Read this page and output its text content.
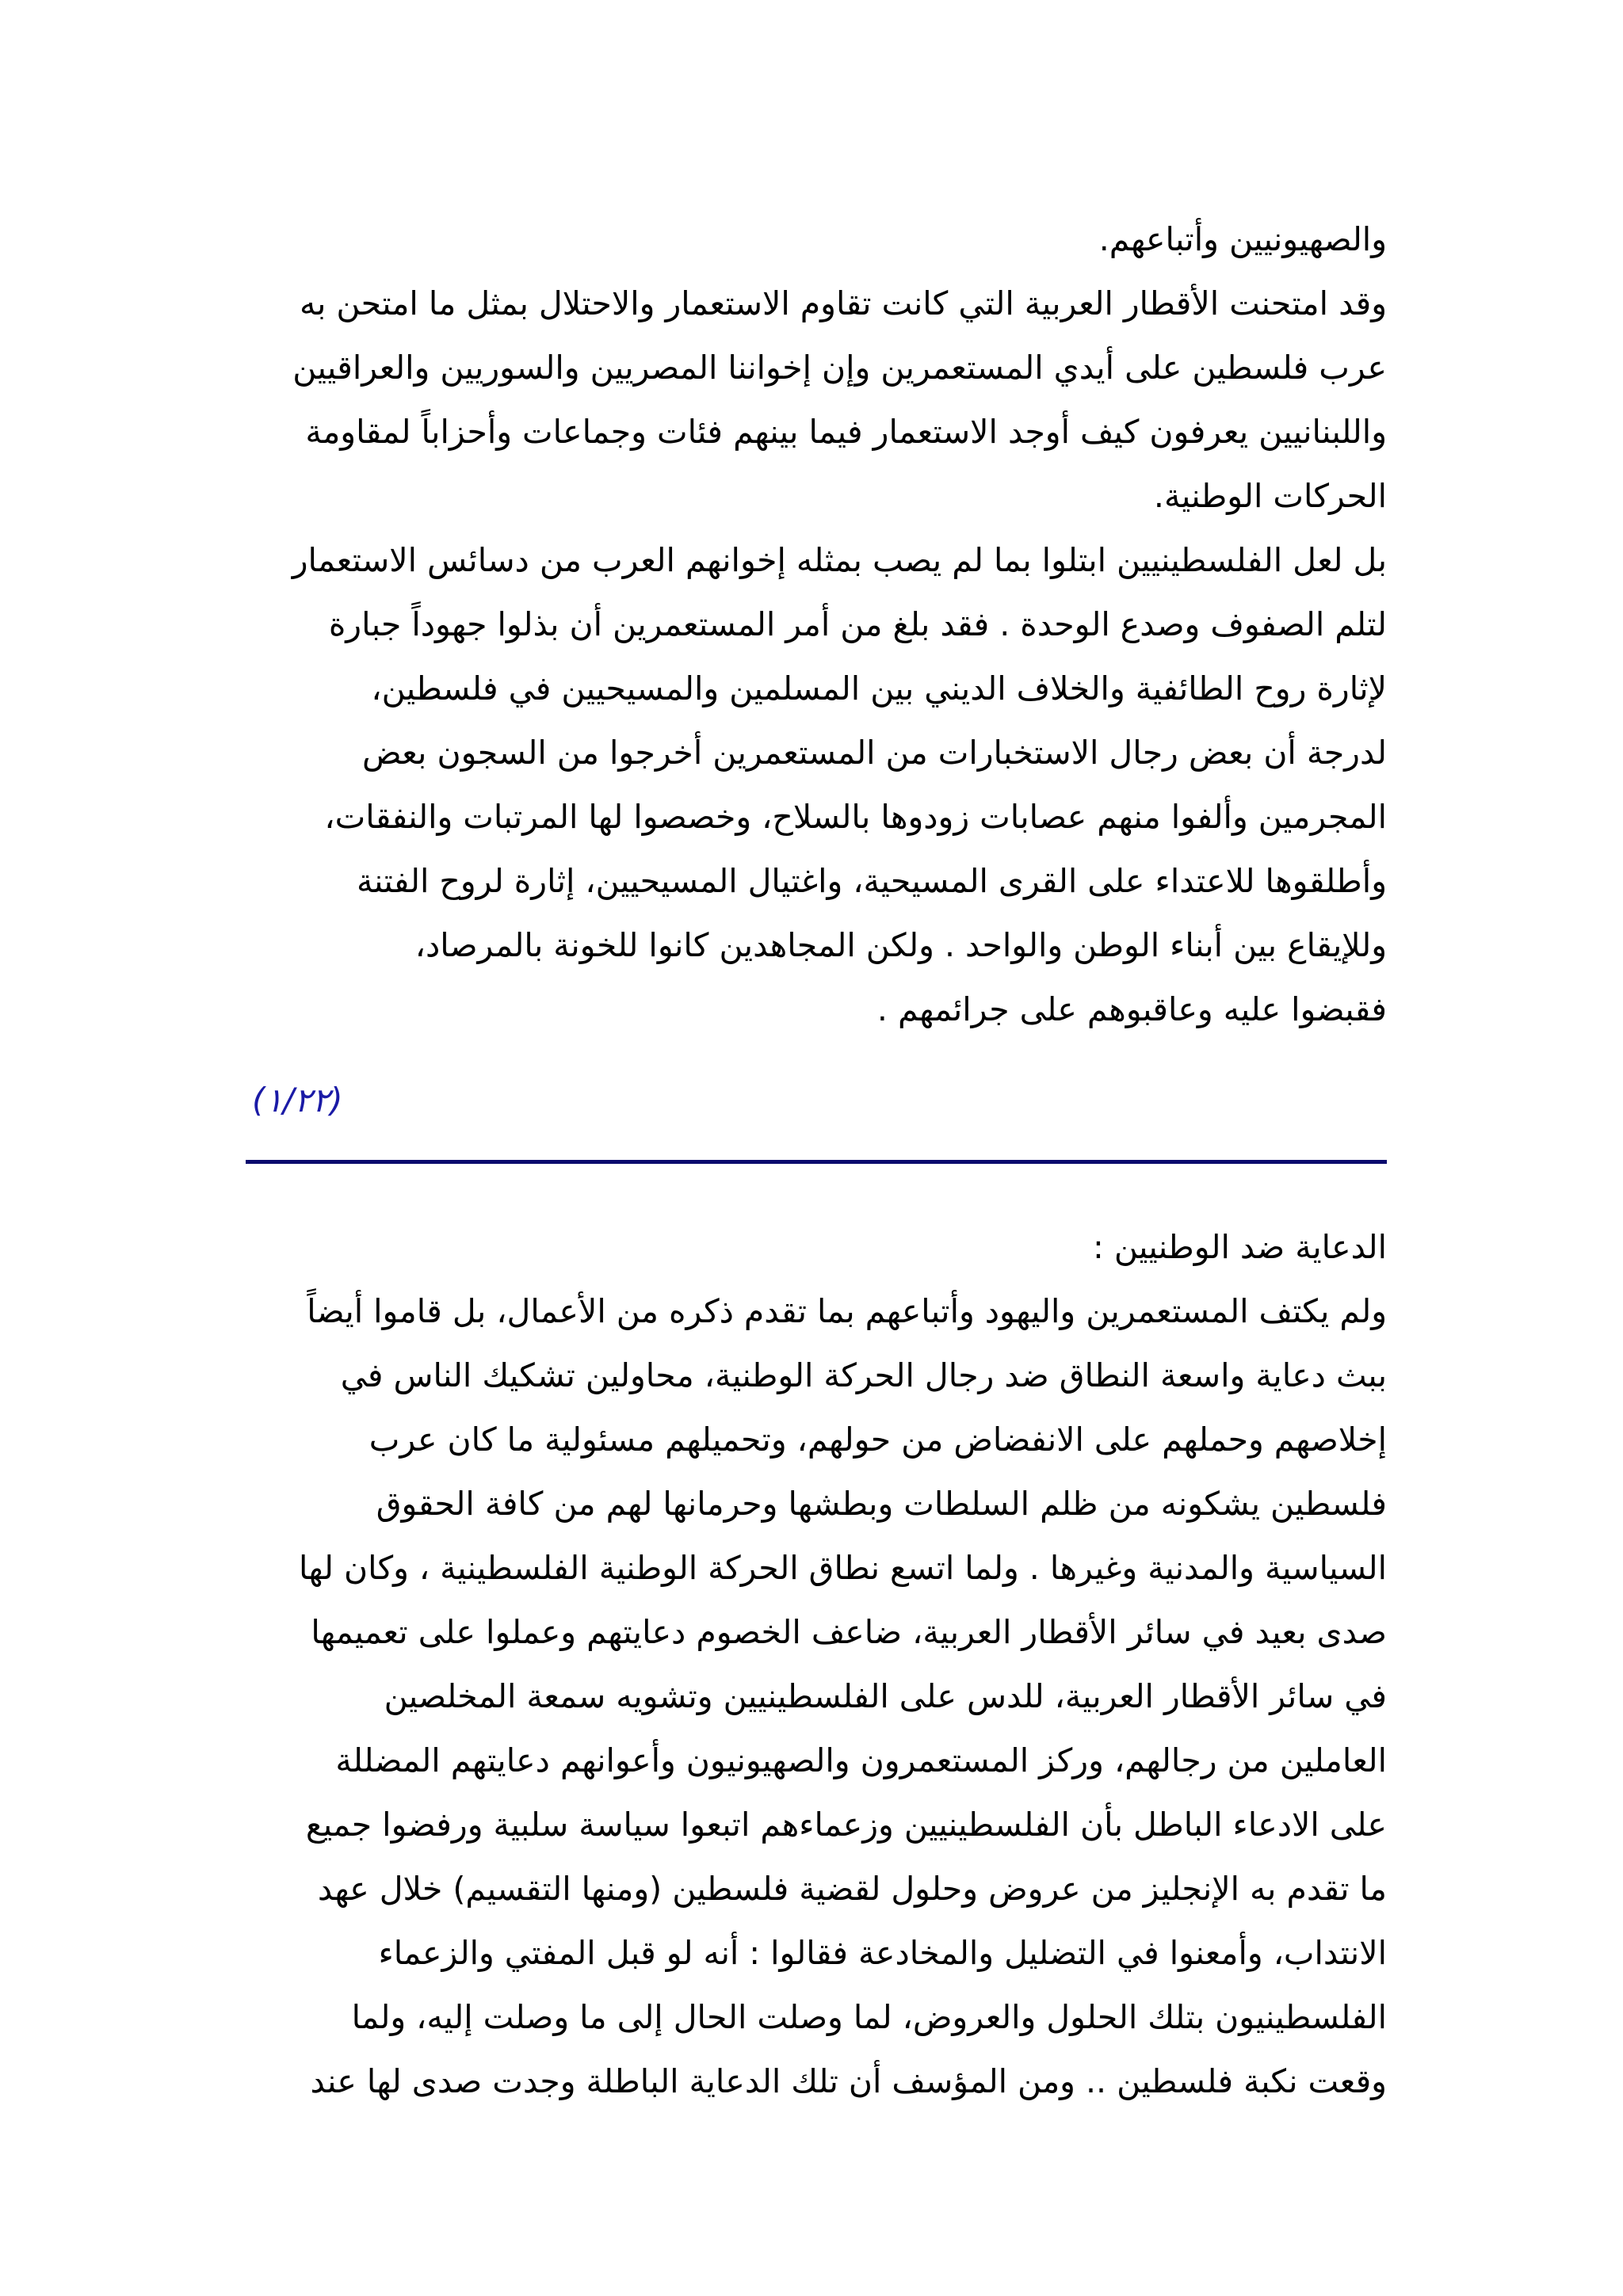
والصهيونيين وأتباعهم.
وقد امتحنت الأقطار العربية التي كانت تقاوم الاستعمار والاحتلال بمثل ما امتحن به
عرب فلسطين على أيدي المستعمرين وإن إخواننا المصريين والسوريين والعراقيين
واللبنانيين يعرفون كيف أوجد الاستعمار فيما بينهم فئات وجماعات وأحزاباً لمقاومة
الحركات الوطنية.
بل لعل الفلسطينيين ابتلوا بما لم يصب بمثله إخوانهم العرب من دسائس الاستعمار
لتلم الصفوف وصدع الوحدة . فقد بلغ من أمر المستعمرين أن بذلوا جهوداً جبارة
لإثارة روح الطائفية والخلاف الديني بين المسلمين والمسيحيين في فلسطين،
لدرجة أن بعض رجال الاستخبارات من المستعمرين أخرجوا من السجون بعض
المجرمين وألفوا منهم عصابات زودوها بالسلاح، وخصصوا لها المرتبات والنفقات،
وأطلقوها للاعتداء على القرى المسيحية، واغتيال المسيحيين، إثارة لروح الفتنة
وللإيقاع بين أبناء الوطن والواحد . ولكن المجاهدين كانوا للخونة بالمرصاد،
فقبضوا عليه وعاقبوهم على جرائمهم .
(١/٢٢)
الدعاية ضد الوطنيين :
ولم يكتف المستعمرين واليهود وأتباعهم بما تقدم ذكره من الأعمال، بل قاموا أيضاً
ببث دعاية واسعة النطاق ضد رجال الحركة الوطنية، محاولين تشكيك الناس في
إخلاصهم وحملهم على الانفضاض من حولهم، وتحميلهم مسئولية ما كان عرب
فلسطين يشكونه من ظلم السلطات وبطشها وحرمانها لهم من كافة الحقوق
السياسية والمدنية وغيرها . ولما اتسع نطاق الحركة الوطنية الفلسطينية ، وكان لها
صدى بعيد في سائر الأقطار العربية، ضاعف الخصوم دعايتهم وعملوا على تعميمها
في سائر الأقطار العربية، للدس على الفلسطينيين وتشويه سمعة المخلصين
العاملين من رجالهم، وركز المستعمرون والصهيونيون وأعوانهم دعايتهم المضللة
على الادعاء الباطل بأن الفلسطينيين وزعماءهم اتبعوا سياسة سلبية ورفضوا جميع
ما تقدم به الإنجليز من عروض وحلول لقضية فلسطين (ومنها التقسيم) خلال عهد
الانتداب، وأمعنوا في التضليل والمخادعة فقالوا : أنه لو قبل المفتي والزعماء
الفلسطينيون بتلك الحلول والعروض، لما وصلت الحال إلى ما وصلت إليه، ولما
وقعت نكبة فلسطين .. ومن المؤسف أن تلك الدعاية الباطلة وجدت صدى لها عند
